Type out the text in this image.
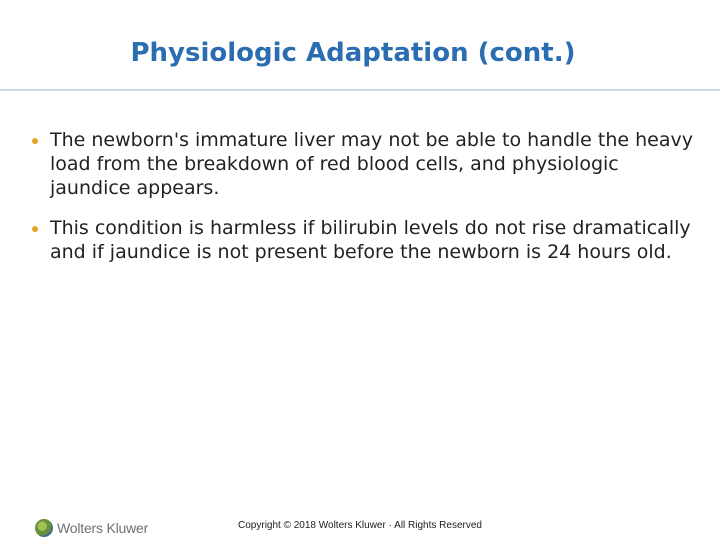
Physiologic Adaptation (cont.)
The newborn's immature liver may not be able to handle the heavy load from the breakdown of red blood cells, and physiologic jaundice appears.
This condition is harmless if bilirubin levels do not rise dramatically and if jaundice is not present before the newborn is 24 hours old.
Wolters Kluwer	Copyright © 2018 Wolters Kluwer · All Rights Reserved
